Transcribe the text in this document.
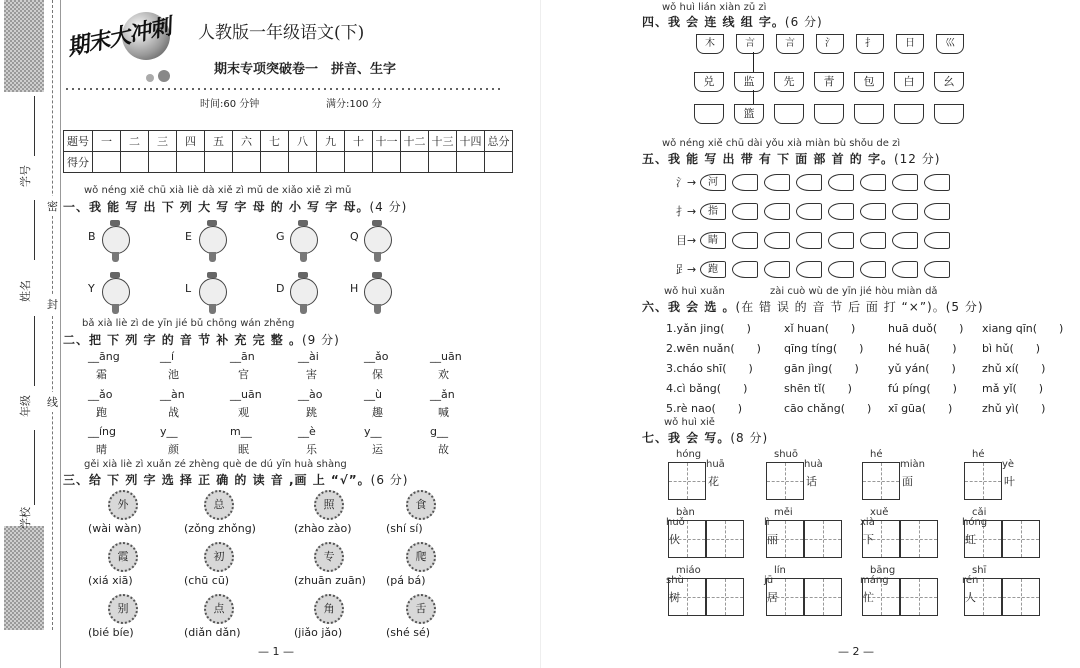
学号
姓名
年级
学校
密
封
线
期末大冲刺 人教版一年级语文(下)
期末专项突破卷一　拼音、生字
时间:60 分钟	满分:100 分
题号	一	二	三	四	五	六	七	八	九	十	十一	十二	十三	十四	总分
得分															
wǒ néng xiě chū xià liè dà xiě zì mǔ de xiǎo xiě zì mǔ
一、我 能 写 出 下 列 大 写 字 母 的 小 写 字 母。(4 分)
B	E	G	Q
Y	L	D	H
bǎ xià liè zì de yīn jié bǔ chōng wán zhěng
二、把 下 列 字 的 音 节 补 充 完 整 。(9 分)
__āng
霜
__í
池
__ān
官
__ài
害
__ǎo
保
__uān
欢
__ǎo
跑
__àn
战
__uān
观
__ào
跳
__ù
趣
__ǎn
喊
__íng
晴
y__
颜
m__
眠
__è
乐
y__
运
g__
故
gěi xià liè zì xuǎn zé zhèng què de dú yīn huà shàng
三、给 下 列 字 选 择 正 确 的 读 音 ,画 上 “√”。(6 分)
外
(wài wàn)
总
(zǒng zhǒng)
照
(zhào zào)
食
(shí sí)
霞
(xiá xiā)
初
(chū cū)
专
(zhuān zuān)
爬
(pá bá)
别
(bié bíe)
点
(diǎn dǎn)
角
(jiǎo jǎo)
舌
(shé sé)
— 1 —
wǒ huì lián xiàn zǔ zì
四、我 会 连 线 组 字。(6 分)
木
兑
言
监
篮
言
先
氵
青
扌
包
日
白
巛
幺
wǒ néng xiě chū dài yǒu xià miàn bù shǒu de zì
五、我 能 写 出 带 有 下 面 部 首 的 字。(12 分)
氵→	河
扌→	指
目→	睛
𧾷→	跑
wǒ huì xuǎn	zài cuò wù de yīn jié hòu miàn dǎ
六、我 会 选 。(在 错 误 的 音 节 后 面 打 “×”)。(5 分)
1.yǎn jing(　　)	xǐ huan(　　)	huā duǒ(　　) xiang qīn(　　)
2.wēn nuǎn(　　) qīng tíng(　　) hé huā(　　) bì hǔ(　　)
3.cháo shī(　　)	gān jìng(　　)	yǔ yán(　　) zhǔ xí(　　)
4.cì bǎng(　　)	shēn tǐ(　　)	fú píng(　　) mǎ yǐ(　　)
5.rè nao(　　)	cāo chǎng(　　) xī gūa(　　)	zhǔ yì(　　)
wǒ huì xiě
七、我 会 写。(8 分)
hóng
huā
花
shuō
huà
话
hé
miàn
面
hé
yè
叶
bàn
huǒ
伙
měi
lì
丽
xuě
xià
下
cǎi
hóng
虹
miáo
shù
树
lín
jū
居
bāng
máng
忙
shī
rén
人
— 2 —
